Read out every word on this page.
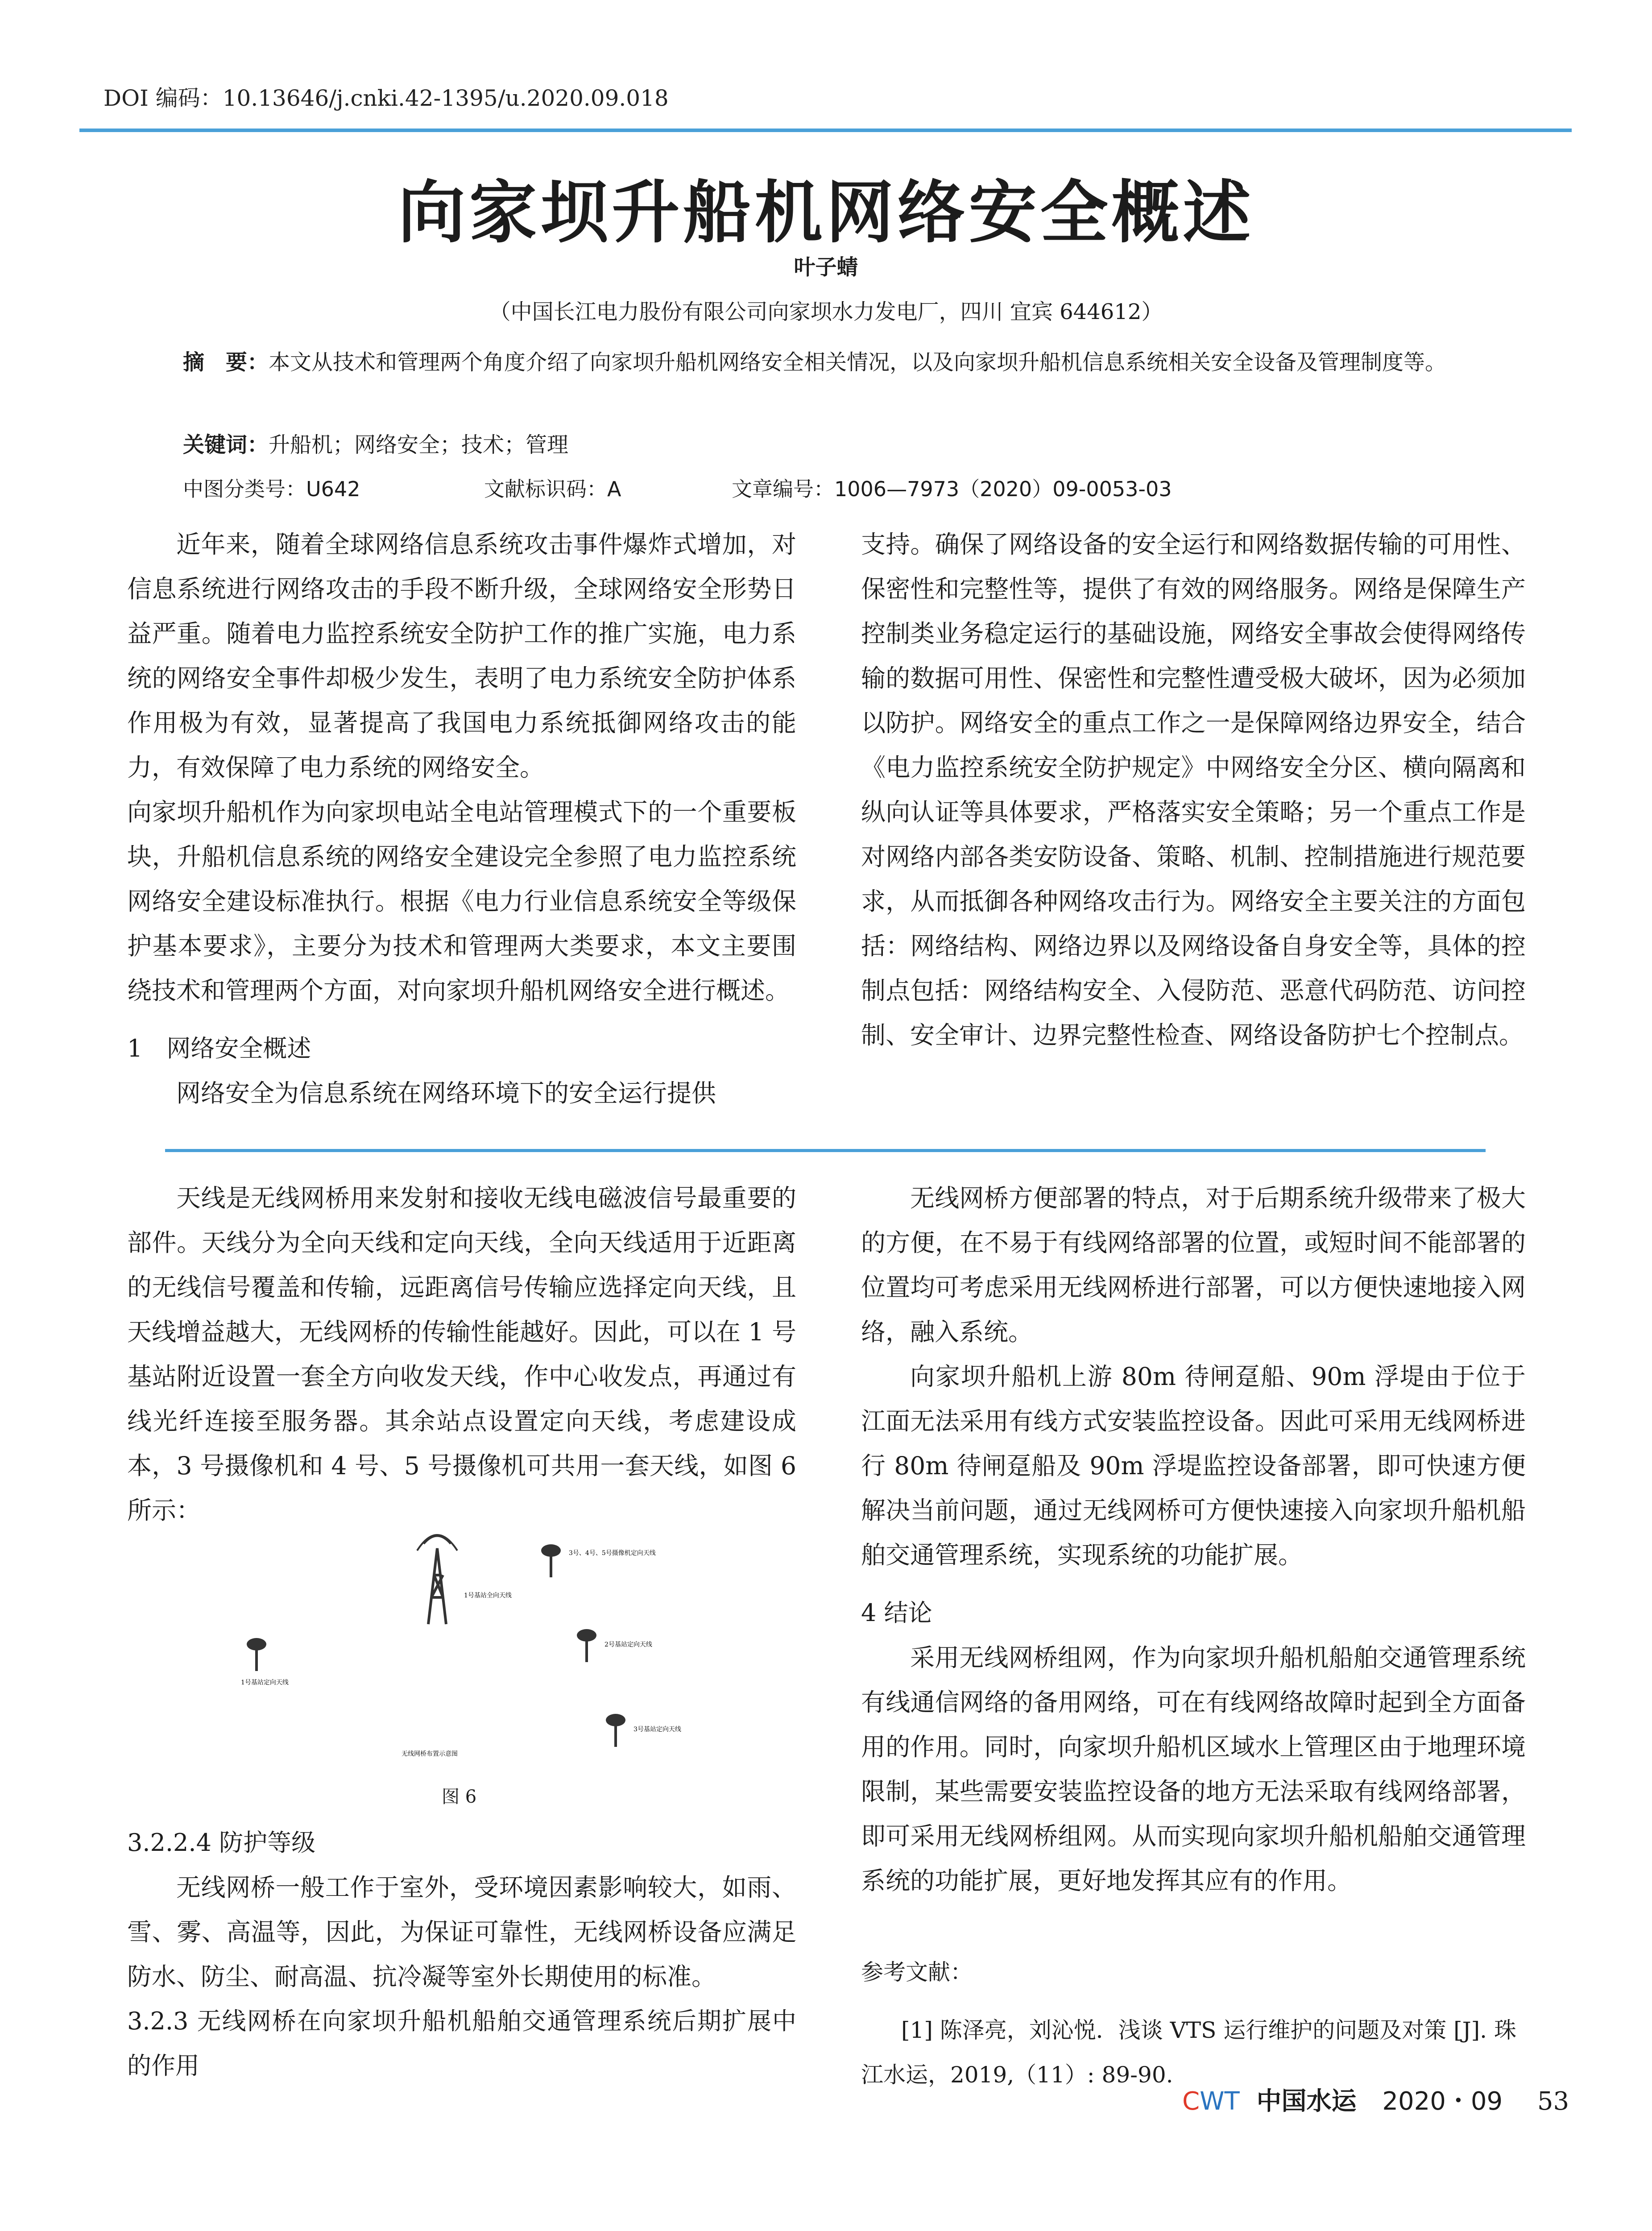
DOI 编码：10.13646/j.cnki.42-1395/u.2020.09.018
向家坝升船机网络安全概述
叶子蜻
（中国长江电力股份有限公司向家坝水力发电厂，四川 宜宾 644612）
摘　要：本文从技术和管理两个角度介绍了向家坝升船机网络安全相关情况，以及向家坝升船机信息系统相关安全设备及管理制度等。
关键词：升船机；网络安全；技术；管理
中图分类号：U642	文献标识码：A	文章编号：1006—7973（2020）09-0053-03

近年来，随着全球网络信息系统攻击事件爆炸式增加，对信息系统进行网络攻击的手段不断升级，全球网络安全形势日益严重。随着电力监控系统安全防护工作的推广实施，电力系统的网络安全事件却极少发生，表明了电力系统安全防护体系作用极为有效，显著提高了我国电力系统抵御网络攻击的能力，有效保障了电力系统的网络安全。

向家坝升船机作为向家坝电站全电站管理模式下的一个重要板块，升船机信息系统的网络安全建设完全参照了电力监控系统网络安全建设标准执行。根据《电力行业信息系统安全等级保护基本要求》，主要分为技术和管理两大类要求，本文主要围绕技术和管理两个方面，对向家坝升船机网络安全进行概述。

1　网络安全概述

网络安全为信息系统在网络环境下的安全运行提供

支持。确保了网络设备的安全运行和网络数据传输的可用性、保密性和完整性等，提供了有效的网络服务。网络是保障生产控制类业务稳定运行的基础设施，网络安全事故会使得网络传输的数据可用性、保密性和完整性遭受极大破坏，因为必须加以防护。网络安全的重点工作之一是保障网络边界安全，结合《电力监控系统安全防护规定》中网络安全分区、横向隔离和纵向认证等具体要求，严格落实安全策略；另一个重点工作是对网络内部各类安防设备、策略、机制、控制措施进行规范要求，从而抵御各种网络攻击行为。网络安全主要关注的方面包括：网络结构、网络边界以及网络设备自身安全等，具体的控制点包括：网络结构安全、入侵防范、恶意代码防范、访问控制、安全审计、边界完整性检查、网络设备防护七个控制点。

天线是无线网桥用来发射和接收无线电磁波信号最重要的部件。天线分为全向天线和定向天线，全向天线适用于近距离的无线信号覆盖和传输，远距离信号传输应选择定向天线，且天线增益越大，无线网桥的传输性能越好。因此，可以在 1 号基站附近设置一套全方向收发天线，作中心收发点，再通过有线光纤连接至服务器。其余站点设置定向天线，考虑建设成本，3 号摄像机和 4 号、5 号摄像机可共用一套天线，如图 6 所示：

1号基站全向天线
1号基站定向天线
3号、4号、5号摄像机定向天线
2号基站定向天线
3号基站定向天线
无线网桥布置示意图
图 6

3.2.2.4 防护等级

无线网桥一般工作于室外，受环境因素影响较大，如雨、雪、雾、高温等，因此，为保证可靠性，无线网桥设备应满足防水、防尘、耐高温、抗冷凝等室外长期使用的标准。

3.2.3 无线网桥在向家坝升船机船舶交通管理系统后期扩展中的作用

无线网桥方便部署的特点，对于后期系统升级带来了极大的方便，在不易于有线网络部署的位置，或短时间不能部署的位置均可考虑采用无线网桥进行部署，可以方便快速地接入网络，融入系统。

向家坝升船机上游 80m 待闸趸船、90m 浮堤由于位于江面无法采用有线方式安装监控设备。因此可采用无线网桥进行 80m 待闸趸船及 90m 浮堤监控设备部署，即可快速方便解决当前问题，通过无线网桥可方便快速接入向家坝升船机船舶交通管理系统，实现系统的功能扩展。

4 结论

采用无线网桥组网，作为向家坝升船机船舶交通管理系统有线通信网络的备用网络，可在有线网络故障时起到全方面备用的作用。同时，向家坝升船机区域水上管理区由于地理环境限制，某些需要安装监控设备的地方无法采取有线网络部署，即可采用无线网桥组网。从而实现向家坝升船机船舶交通管理系统的功能扩展，更好地发挥其应有的作用。

参考文献：
[1] 陈泽亮，刘沁悦．浅谈 VTS 运行维护的问题及对策 [J]. 珠江水运，2019,（11）: 89-90.
CWT 中国水运 2020・09 53
